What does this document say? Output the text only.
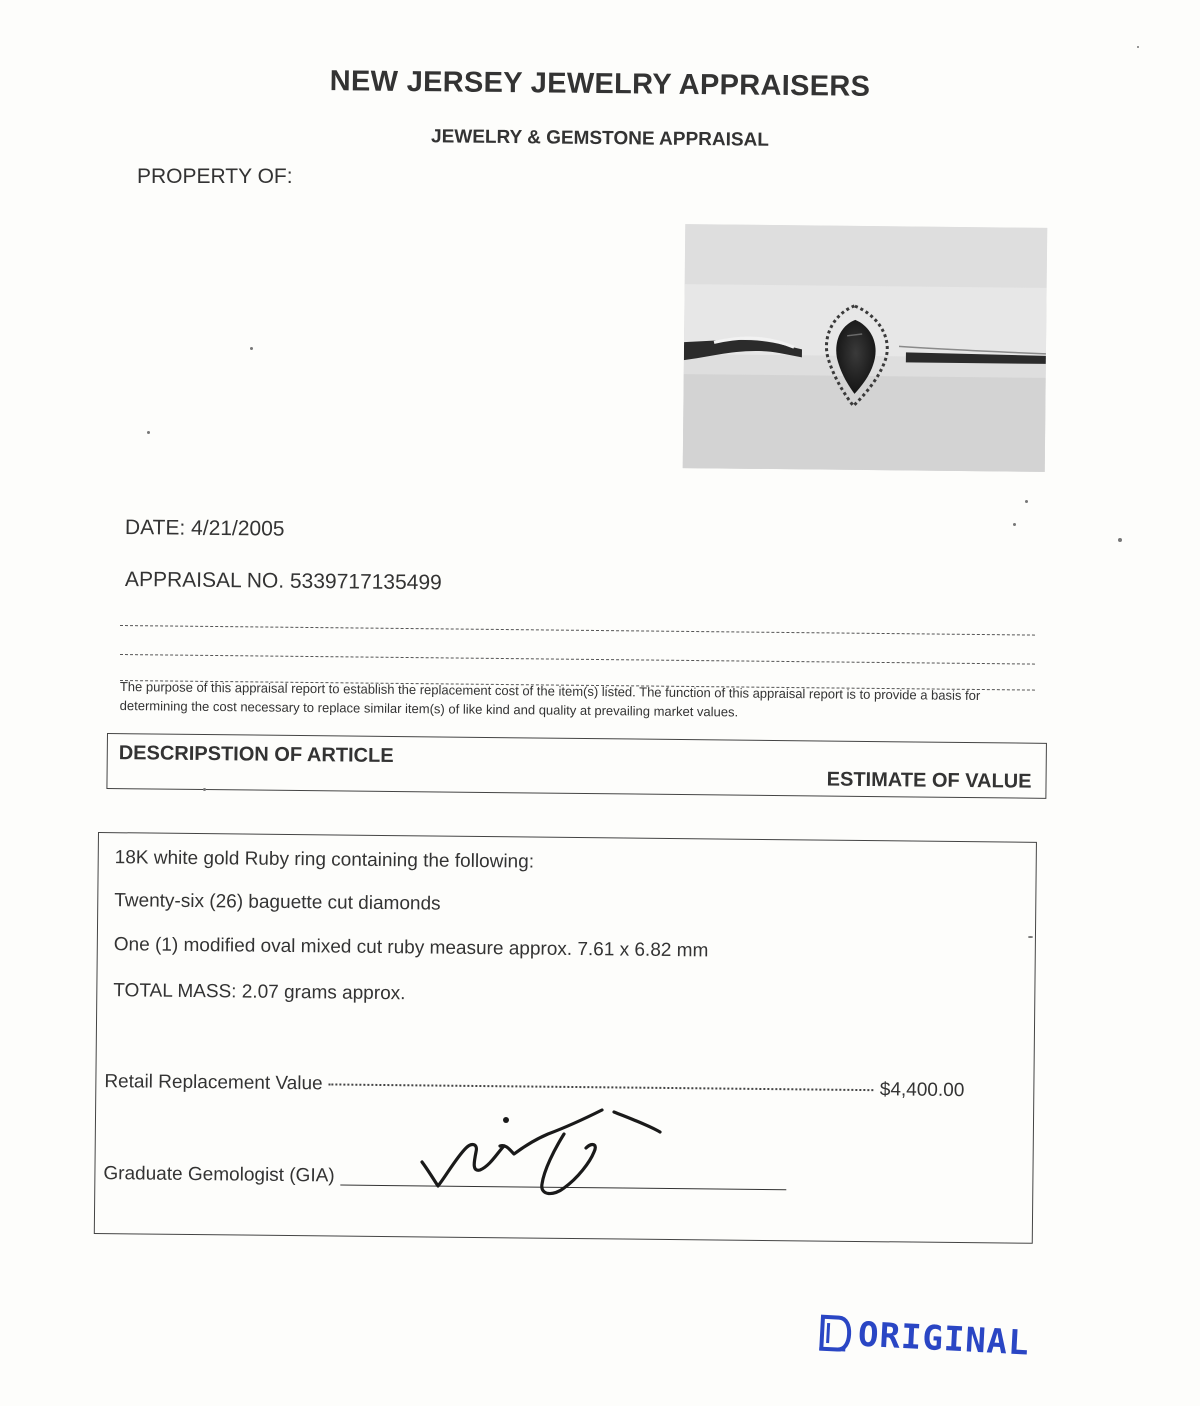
NEW JERSEY JEWELRY APPRAISERS
JEWELRY & GEMSTONE APPRAISAL
PROPERTY OF:
DATE: 4/21/2005
APPRAISAL NO. 5339717135499
The purpose of this appraisal report to establish the replacement cost of the item(s) listed. The function of this appraisal report is to provide a basis for determining the cost necessary to replace similar item(s) of like kind and quality at prevailing market values.
DESCRIPSTION OF ARTICLE
ESTIMATE OF VALUE
18K white gold Ruby ring containing the following:
Twenty-six (26) baguette cut diamonds
One (1) modified oval mixed cut ruby measure approx. 7.61 x 6.82 mm
TOTAL MASS: 2.07 grams approx.
Retail Replacement Value	$4,400.00
Graduate Gemologist (GIA)
ORIGINAL
